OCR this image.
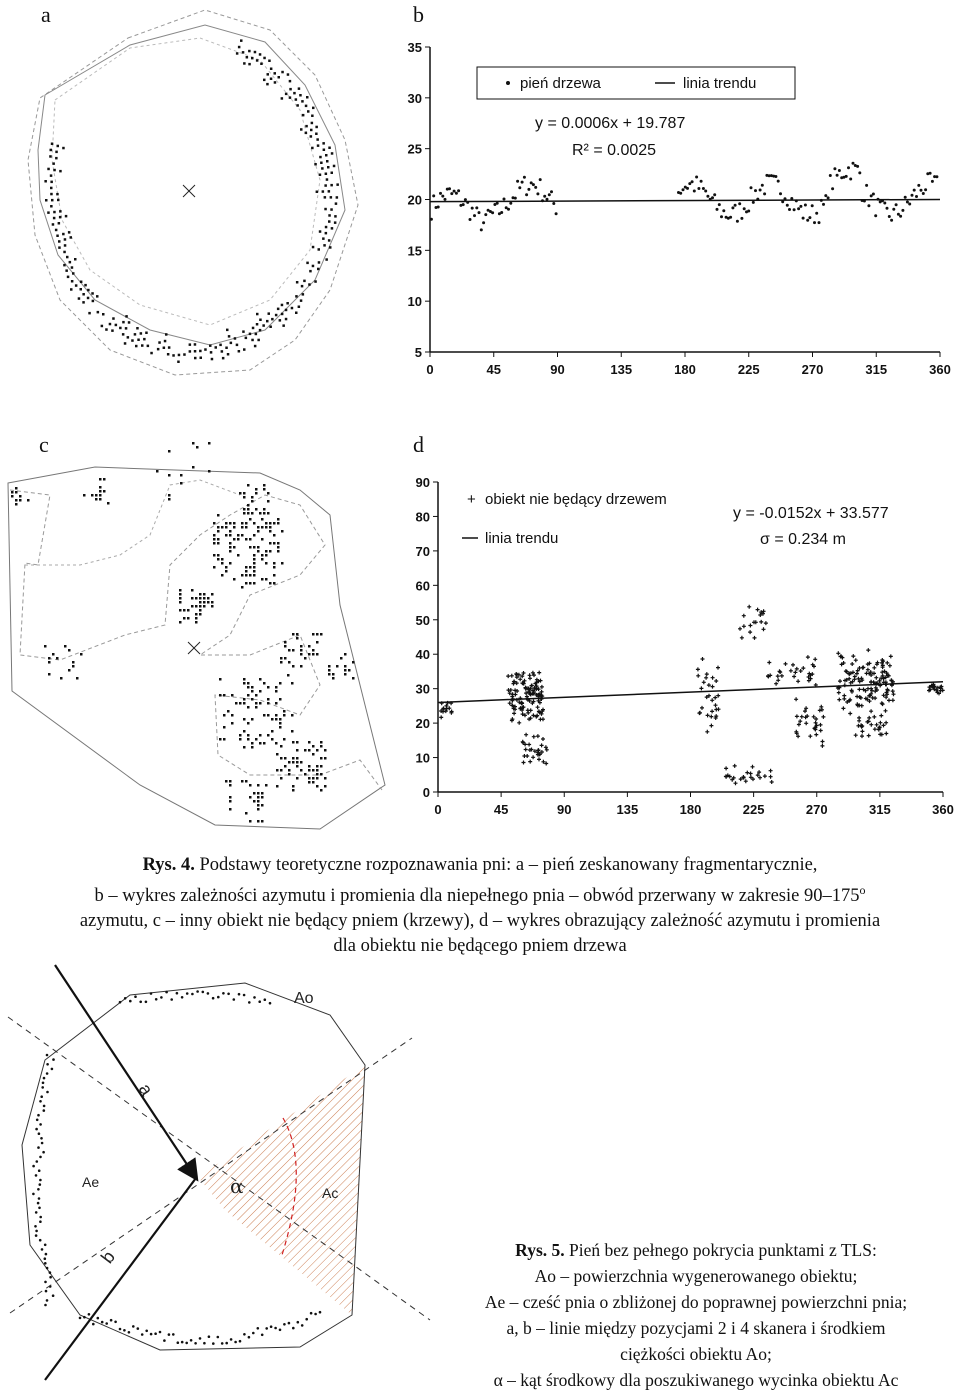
a	b
c	d
0	45	90	135	180	225	270	315	360
5
10
15
20
25
30
35
pień drzewa	linia trendu
y = 0.0006x + 19.787
R² = 0.0025
0	45	90	135	180	225	270	315	360
0
10
20
30
40
50
60
70
80
90
+ obiekt nie będący drzewem
linia trendu
y = -0.0152x + 33.577
σ = 0.234 m
Rys. 4. Podstawy teoretyczne rozpoznawania pni: a – pień zeskanowany fragmentarycznie,
b – wykres zależności azymutu i promienia dla niepełnego pnia – obwód przerwany w zakresie 90–175$^o$
azymutu, c – inny obiekt nie będący pniem (krzewy), d – wykres obrazujący zależność azymutu i promienia
dla obiektu nie będącego pniem drzewa
Ao
Ae
Ac
a
b
α
Rys. 5. Pień bez pełnego pokrycia punktami z TLS:
Ao – powierzchnia wygenerowanego obiektu;
Ae – cześć pnia o zbliżonej do poprawnej powierzchni pnia;
a, b – linie między pozycjami 2 i 4 skanera i środkiem
ciężkości obiektu Ao;
α – kąt środkowy dla poszukiwanego wycinka obiektu Ac
